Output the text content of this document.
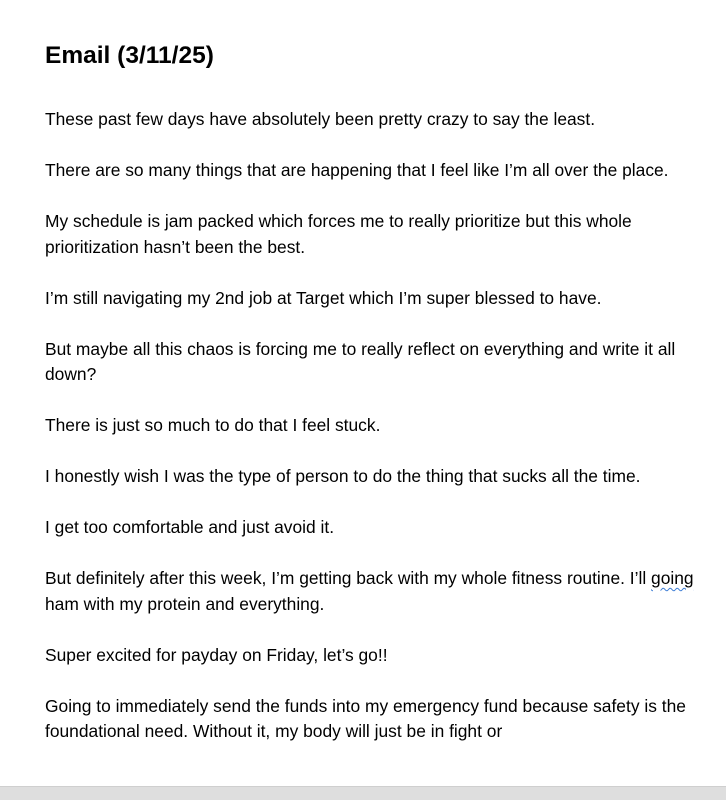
Email (3/11/25)

These past few days have absolutely been pretty crazy to say the least.

There are so many things that are happening that I feel like I’m all over the place.

My schedule is jam packed which forces me to really prioritize but this whole prioritization hasn’t been the best.

I’m still navigating my 2nd job at Target which I’m super blessed to have.

But maybe all this chaos is forcing me to really reflect on everything and write it all down?

There is just so much to do that I feel stuck.

I honestly wish I was the type of person to do the thing that sucks all the time.

I get too comfortable and just avoid it.

But definitely after this week, I’m getting back with my whole fitness routine. I’ll going ham with my protein and everything.

Super excited for payday on Friday, let’s go!!

Going to immediately send the funds into my emergency fund because safety is the foundational need. Without it, my body will just be in fight or
